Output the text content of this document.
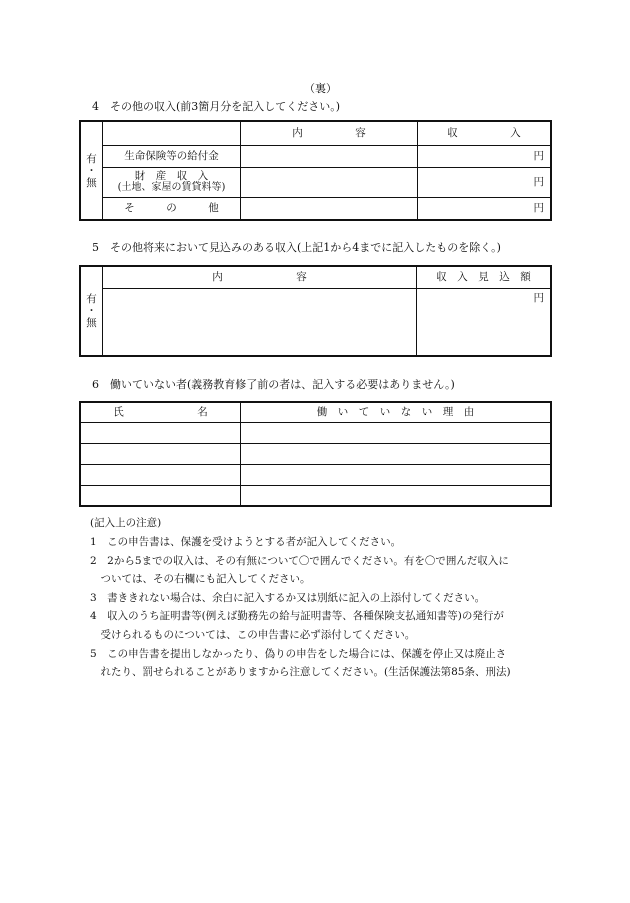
（裏）
4　その他の収入(前3箇月分を記入してください。)
有
・
無		内　　　　　容	収　　　　　入
	生命保険等の給付金		円

	財　産　収　入
(土地、家屋の賃貸料等)		円
	そ　　　の　　　他		円
5　その他将来において見込みのある収入(上記1から4までに記入したものを除く。)
有
・
無	内　　　　　　　容	収　入　見　込　額
		円
6　働いていない者(義務教育修了前の者は、記入する必要はありません。)
氏　　　　　　　名	働　い　て　い　な　い　理　由

(記入上の注意)
1　この申告書は、保護を受けようとする者が記入してください。
2　2から5までの収入は、その有無について〇で囲んでください。有を〇で囲んだ収入に
　ついては、その右欄にも記入してください。
3　書ききれない場合は、余白に記入するか又は別紙に記入の上添付してください。
4　収入のうち証明書等(例えば勤務先の給与証明書等、各種保険支払通知書等)の発行が
　受けられるものについては、この申告書に必ず添付してください。
5　この申告書を提出しなかったり、偽りの申告をした場合には、保護を停止又は廃止さ
　れたり、罰せられることがありますから注意してください。(生活保護法第85条、刑法)
